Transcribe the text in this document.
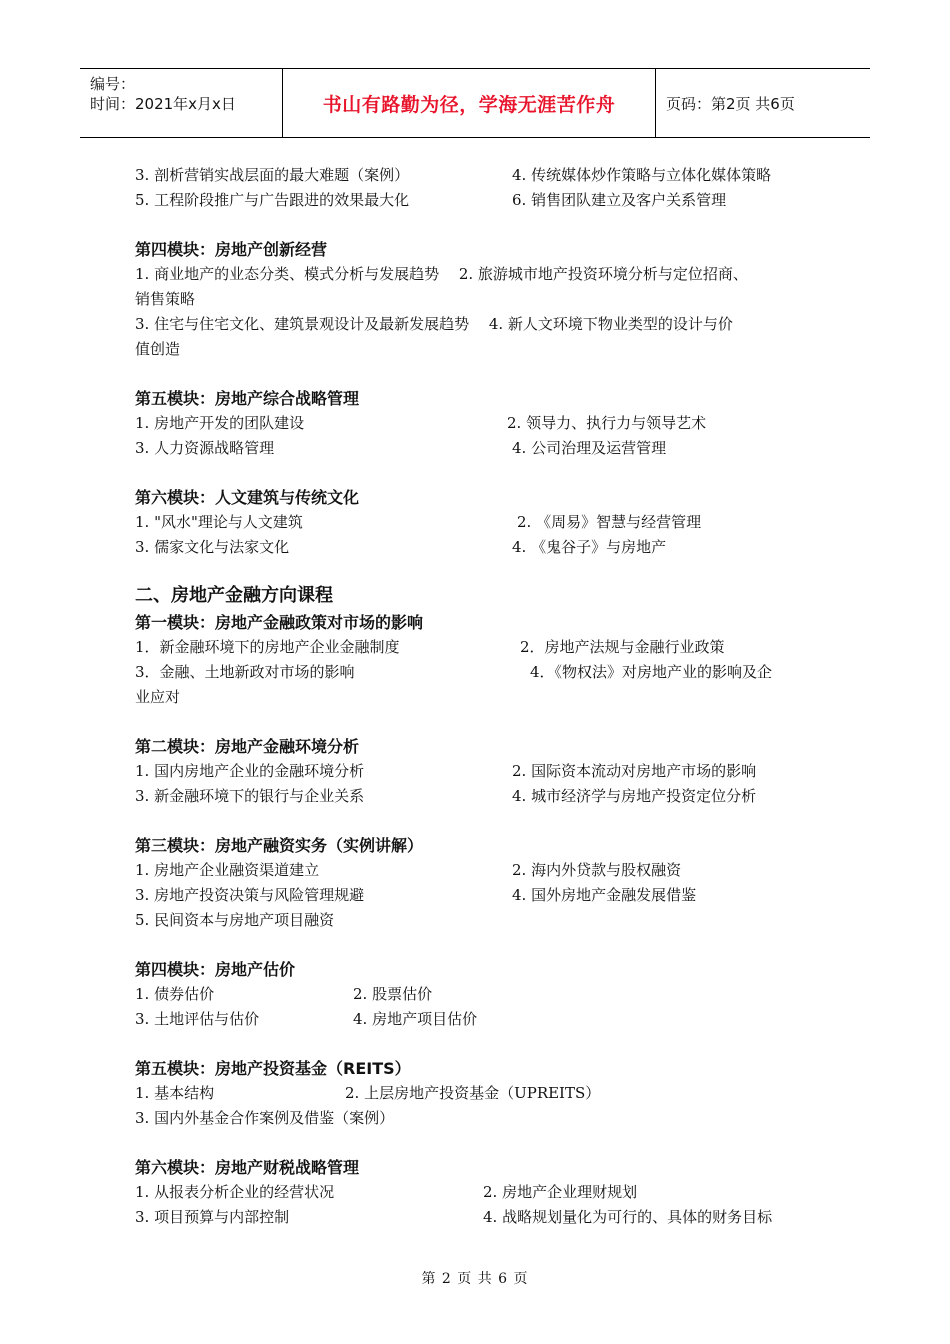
编号：
时间：2021年x月x日	书山有路勤为径，学海无涯苦作舟	页码：第2页 共6页
3. 剖析营销实战层面的最大难题（案例）	4. 传统媒体炒作策略与立体化媒体策略
5. 工程阶段推广与广告跟进的效果最大化	6. 销售团队建立及客户关系管理
第四模块：房地产创新经营
1. 商业地产的业态分类、模式分析与发展趋势　 2. 旅游城市地产投资环境分析与定位招商、
销售策略
3. 住宅与住宅文化、建筑景观设计及最新发展趋势　 4. 新人文环境下物业类型的设计与价
值创造
第五模块：房地产综合战略管理
1. 房地产开发的团队建设	2. 领导力、执行力与领导艺术
3. 人力资源战略管理	4. 公司治理及运营管理
第六模块：人文建筑与传统文化
1. "风水"理论与人文建筑	2. 《周易》智慧与经营管理
3. 儒家文化与法家文化	4. 《鬼谷子》与房地产
二、房地产金融方向课程
第一模块：房地产金融政策对市场的影响
1．新金融环境下的房地产企业金融制度	2．房地产法规与金融行业政策
3．金融、土地新政对市场的影响	4．《物权法》对房地产业的影响及企
业应对
第二模块：房地产金融环境分析
1. 国内房地产企业的金融环境分析	2. 国际资本流动对房地产市场的影响
3. 新金融环境下的银行与企业关系	4. 城市经济学与房地产投资定位分析
第三模块：房地产融资实务（实例讲解）
1. 房地产企业融资渠道建立	2. 海内外贷款与股权融资
3. 房地产投资决策与风险管理规避	4. 国外房地产金融发展借鉴
5. 民间资本与房地产项目融资
第四模块：房地产估价
1. 债券估价	2. 股票估价
3. 土地评估与估价	4. 房地产项目估价
第五模块：房地产投资基金（REITS）
1. 基本结构	2. 上层房地产投资基金（UPREITS）
3. 国内外基金合作案例及借鉴（案例）
第六模块：房地产财税战略管理
1. 从报表分析企业的经营状况	2. 房地产企业理财规划
3. 项目预算与内部控制	4. 战略规划量化为可行的、具体的财务目标
第 2 页 共 6 页
